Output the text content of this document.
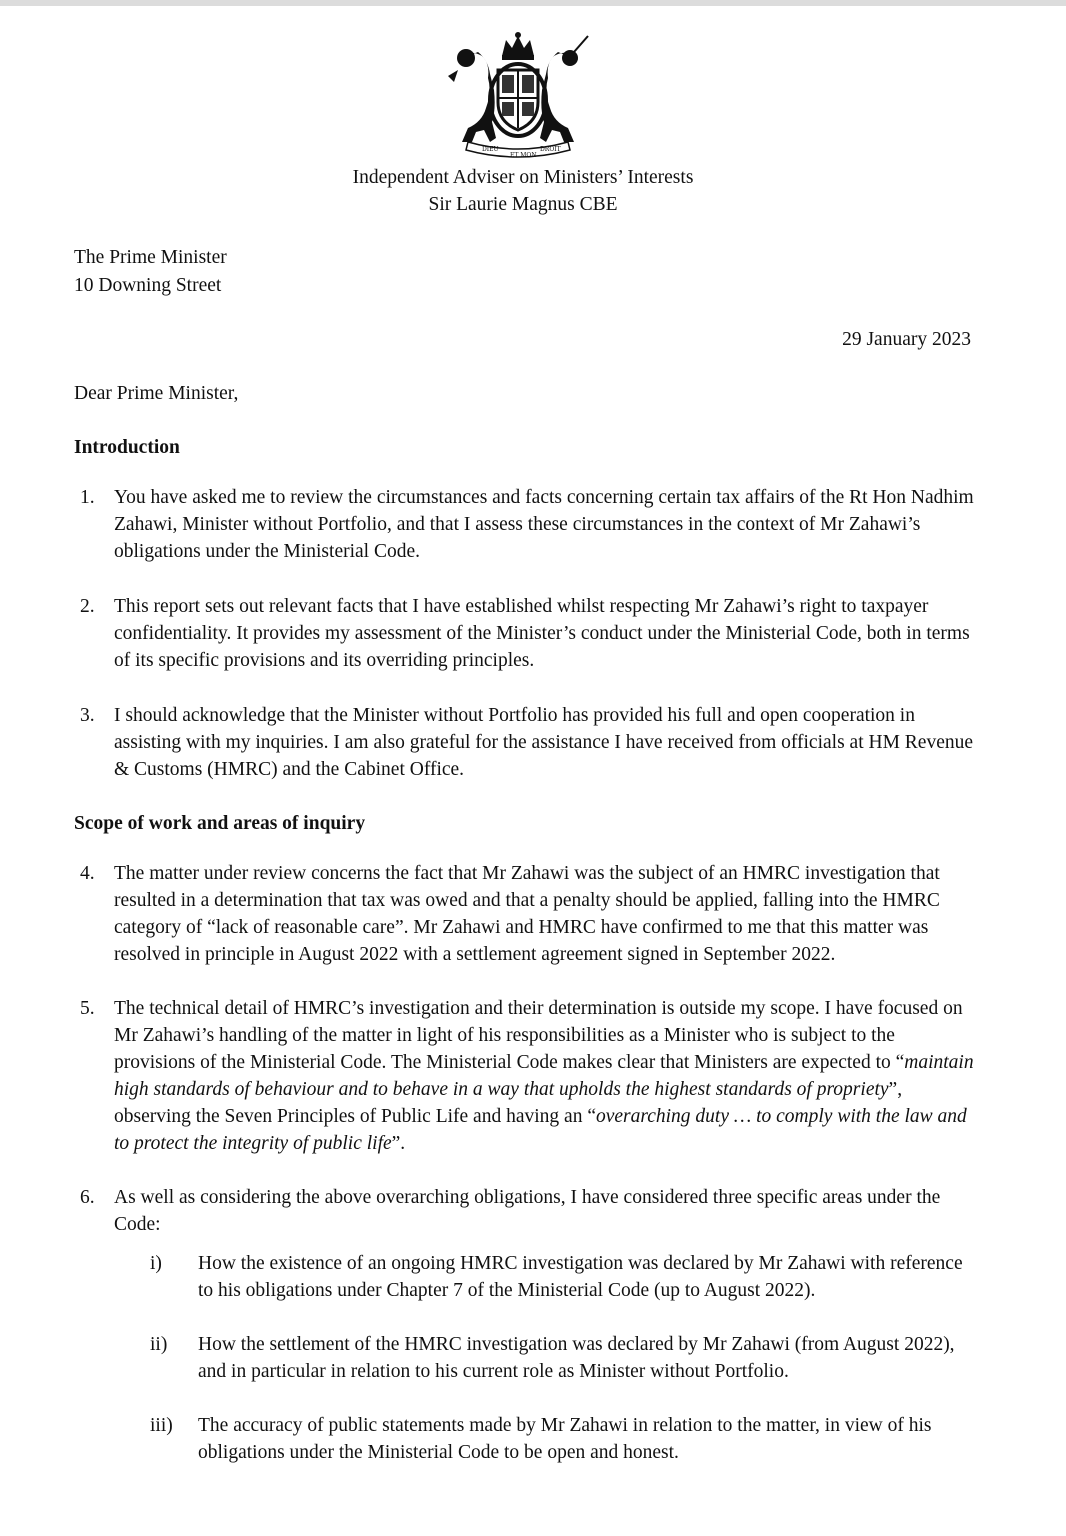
DIEU
ET MON
DROIT
Independent Adviser on Ministers’ Interests
Sir Laurie Magnus CBE
The Prime Minister
10 Downing Street
29 January 2023
Dear Prime Minister,
Introduction
1. You have asked me to review the circumstances and facts concerning certain tax affairs of the Rt Hon Nadhim Zahawi, Minister without Portfolio, and that I assess these circumstances in the context of Mr Zahawi’s obligations under the Ministerial Code.
2. This report sets out relevant facts that I have established whilst respecting Mr Zahawi’s right to taxpayer confidentiality. It provides my assessment of the Minister’s conduct under the Ministerial Code, both in terms of its specific provisions and its overriding principles.
3. I should acknowledge that the Minister without Portfolio has provided his full and open cooperation in assisting with my inquiries. I am also grateful for the assistance I have received from officials at HM Revenue & Customs (HMRC) and the Cabinet Office.
Scope of work and areas of inquiry
4. The matter under review concerns the fact that Mr Zahawi was the subject of an HMRC investigation that resulted in a determination that tax was owed and that a penalty should be applied, falling into the HMRC category of “lack of reasonable care”. Mr Zahawi and HMRC have confirmed to me that this matter was resolved in principle in August 2022 with a settlement agreement signed in September 2022.
5. The technical detail of HMRC’s investigation and their determination is outside my scope. I have focused on Mr Zahawi’s handling of the matter in light of his responsibilities as a Minister who is subject to the provisions of the Ministerial Code. The Ministerial Code makes clear that Ministers are expected to “maintain high standards of behaviour and to behave in a way that upholds the highest standards of propriety”, observing the Seven Principles of Public Life and having an “overarching duty … to comply with the law and to protect the integrity of public life”.
6. As well as considering the above overarching obligations, I have considered three specific areas under the Code:
i)	How the existence of an ongoing HMRC investigation was declared by Mr Zahawi with reference to his obligations under Chapter 7 of the Ministerial Code (up to August 2022).
ii)	How the settlement of the HMRC investigation was declared by Mr Zahawi (from August 2022), and in particular in relation to his current role as Minister without Portfolio.
iii)	The accuracy of public statements made by Mr Zahawi in relation to the matter, in view of his obligations under the Ministerial Code to be open and honest.
